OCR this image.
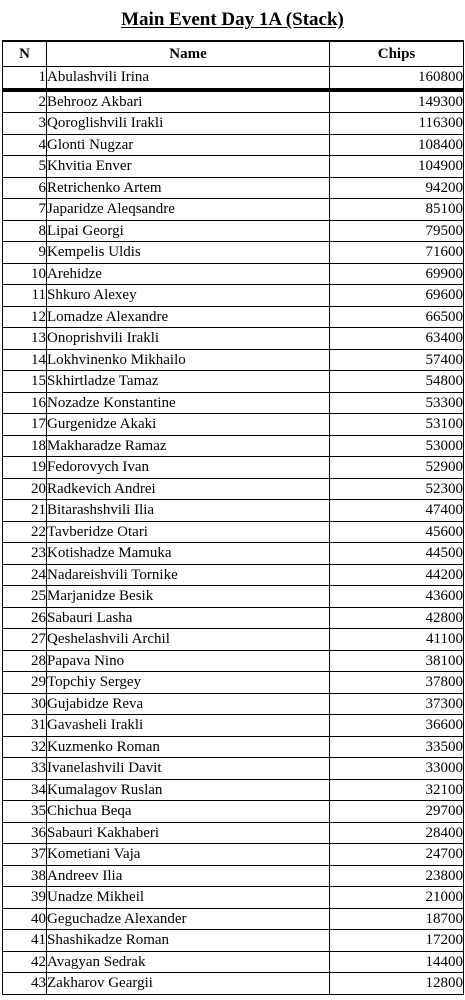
Main Event Day 1A (Stack)
N	Name	Chips
1	Abulashvili Irina	160800
2	Behrooz Akbari	149300
3	Qoroglishvili Irakli	116300
4	Glonti Nugzar	108400
5	Khvitia Enver	104900
6	Retrichenko Artem	94200
7	Japaridze Aleqsandre	85100
8	Lipai Georgi	79500
9	Kempelis Uldis	71600
10	Arehidze	69900
11	Shkuro Alexey	69600
12	Lomadze Alexandre	66500
13	Onoprishvili Irakli	63400
14	Lokhvinenko Mikhailo	57400
15	Skhirtladze Tamaz	54800
16	Nozadze Konstantine	53300
17	Gurgenidze Akaki	53100
18	Makharadze Ramaz	53000
19	Fedorovych Ivan	52900
20	Radkevich Andrei	52300
21	Bitarashshvili Ilia	47400
22	Tavberidze Otari	45600
23	Kotishadze Mamuka	44500
24	Nadareishvili Tornike	44200
25	Marjanidze Besik	43600
26	Sabauri Lasha	42800
27	Qeshelashvili Archil	41100
28	Papava Nino	38100
29	Topchiy Sergey	37800
30	Gujabidze Reva	37300
31	Gavasheli Irakli	36600
32	Kuzmenko Roman	33500
33	Ivanelashvili Davit	33000
34	Kumalagov Ruslan	32100
35	Chichua Beqa	29700
36	Sabauri Kakhaberi	28400
37	Kometiani Vaja	24700
38	Andreev Ilia	23800
39	Unadze Mikheil	21000
40	Geguchadze Alexander	18700
41	Shashikadze Roman	17200
42	Avagyan Sedrak	14400
43	Zakharov Geargii	12800
